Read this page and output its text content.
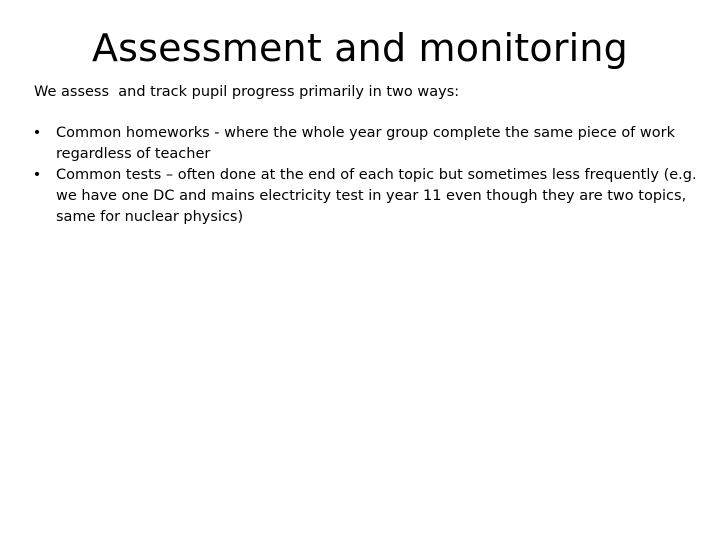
Assessment and monitoring

We assess  and track pupil progress primarily in two ways:

• Common homeworks - where the whole year group complete the same piece of work regardless of teacher
• Common tests – often done at the end of each topic but sometimes less frequently (e.g. we have one DC and mains electricity test in year 11 even though they are two topics, same for nuclear physics)
